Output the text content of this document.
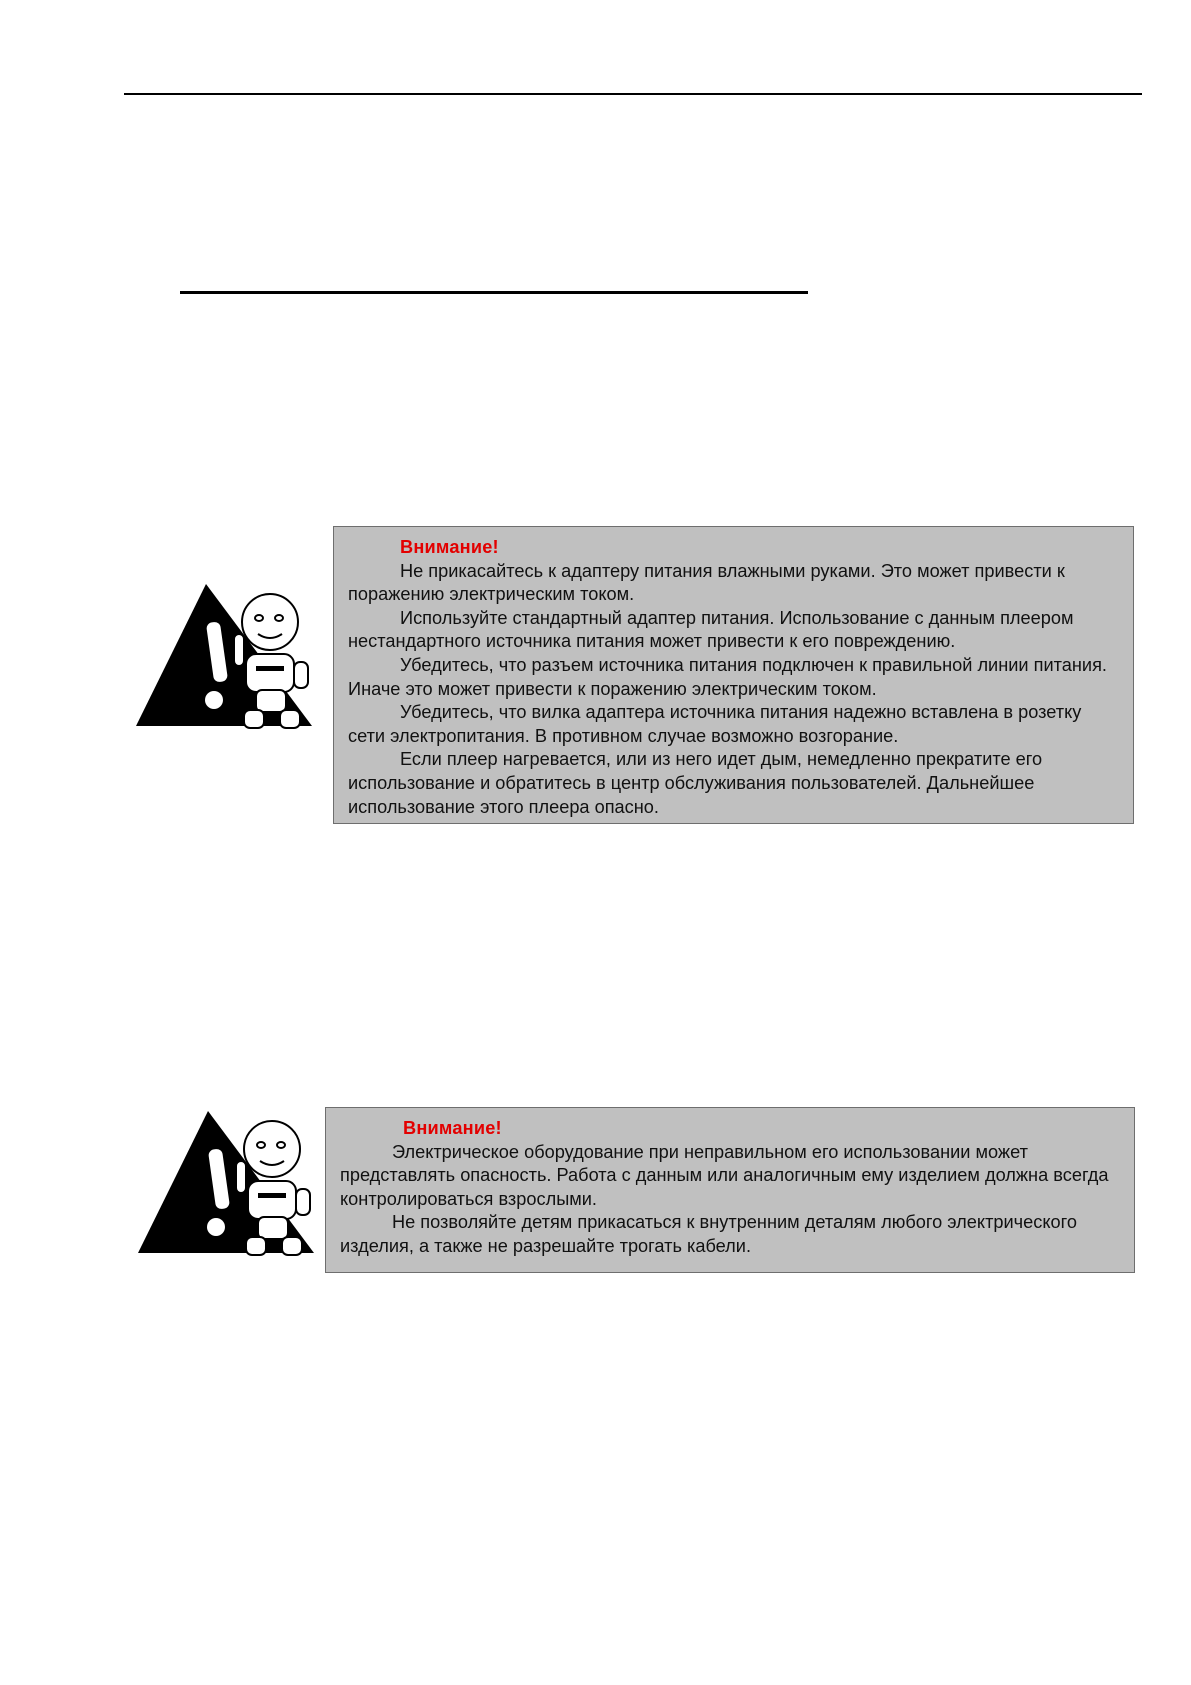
Внимание!

Не прикасайтесь к адаптеру питания влажными руками. Это может привести к поражению электрическим током.

Используйте стандартный адаптер питания. Использование с данным плеером нестандартного источника питания может привести к его повреждению.

Убедитесь, что разъем источника питания подключен к правильной линии питания. Иначе это может привести к поражению электрическим током.

Убедитесь, что вилка адаптера источника питания надежно вставлена в розетку сети электропитания. В противном случае возможно возгорание.

Если плеер нагревается, или из него идет дым, немедленно прекратите его использование и обратитесь в центр обслуживания пользователей. Дальнейшее использование этого плеера опасно.

Внимание!

Электрическое оборудование при неправильном его использовании может представлять опасность. Работа с данным или аналогичным ему изделием должна всегда контролироваться взрослыми.

Не позволяйте детям прикасаться к внутренним деталям любого электрического изделия, а также не разрешайте трогать кабели.
